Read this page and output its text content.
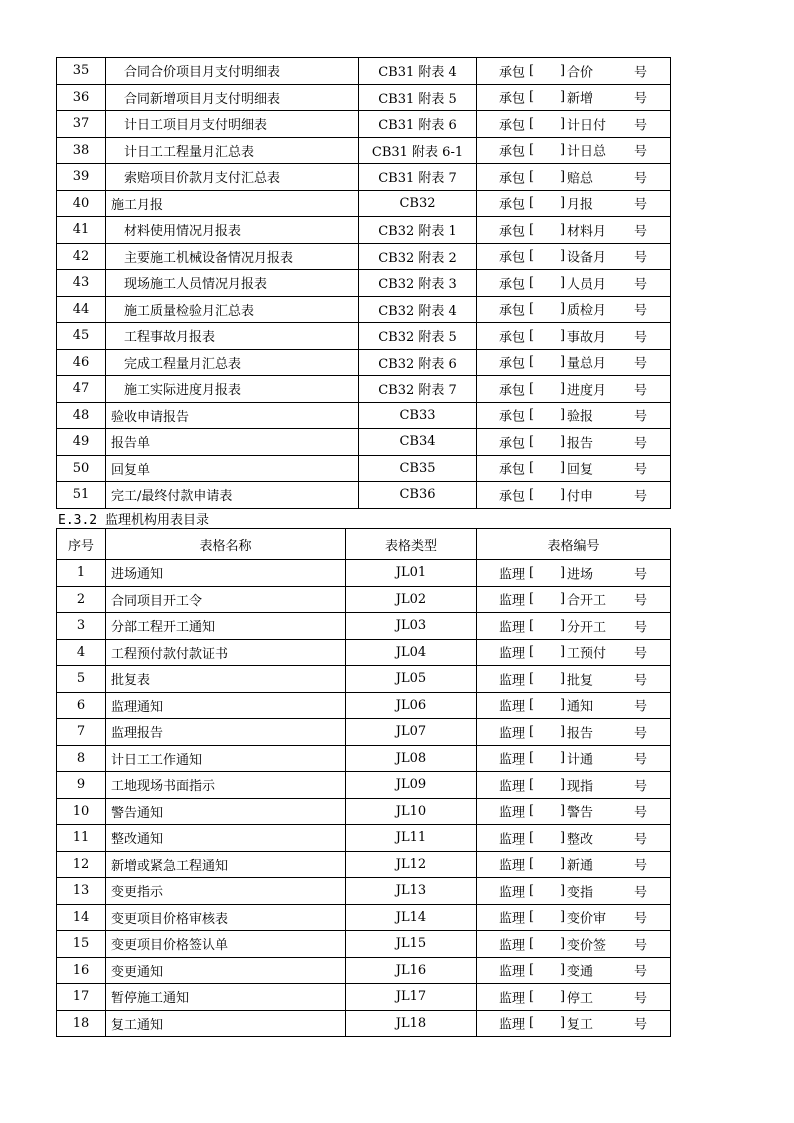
35	合同合价项目月支付明细表	CB31 附表 4	承包 [ ] 合价 号

36	合同新增项目月支付明细表	CB31 附表 5	承包 [ ] 新增 号

37	计日工项目月支付明细表	CB31 附表 6	承包 [ ] 计日付 号

38	计日工工程量月汇总表	CB31 附表 6-1	承包 [ ] 计日总 号

39	索赔项目价款月支付汇总表	CB31 附表 7	承包 [ ] 赔总 号

40	施工月报	CB32	承包 [ ] 月报 号

41	材料使用情况月报表	CB32 附表 1	承包 [ ] 材料月 号

42	主要施工机械设备情况月报表	CB32 附表 2	承包 [ ] 设备月 号

43	现场施工人员情况月报表	CB32 附表 3	承包 [ ] 人员月 号

44	施工质量检验月汇总表	CB32 附表 4	承包 [ ] 质检月 号

45	工程事故月报表	CB32 附表 5	承包 [ ] 事故月 号

46	完成工程量月汇总表	CB32 附表 6	承包 [ ] 量总月 号

47	施工实际进度月报表	CB32 附表 7	承包 [ ] 进度月 号

48	验收申请报告	CB33	承包 [ ] 验报 号

49	报告单	CB34	承包 [ ] 报告 号

50	回复单	CB35	承包 [ ] 回复 号

51	完工/最终付款申请表	CB36	承包 [ ] 付申 号
E.3.2 监理机构用表目录
序号	表格名称	表格类型	表格编号
1	进场通知	JL01	监理 [ ] 进场 号

2	合同项目开工令	JL02	监理 [ ] 合开工 号

3	分部工程开工通知	JL03	监理 [ ] 分开工 号

4	工程预付款付款证书	JL04	监理 [ ] 工预付 号

5	批复表	JL05	监理 [ ] 批复 号

6	监理通知	JL06	监理 [ ] 通知 号

7	监理报告	JL07	监理 [ ] 报告 号

8	计日工工作通知	JL08	监理 [ ] 计通 号

9	工地现场书面指示	JL09	监理 [ ] 现指 号

10	警告通知	JL10	监理 [ ] 警告 号

11	整改通知	JL11	监理 [ ] 整改 号

12	新增或紧急工程通知	JL12	监理 [ ] 新通 号

13	变更指示	JL13	监理 [ ] 变指 号

14	变更项目价格审核表	JL14	监理 [ ] 变价审 号

15	变更项目价格签认单	JL15	监理 [ ] 变价签 号

16	变更通知	JL16	监理 [ ] 变通 号

17	暂停施工通知	JL17	监理 [ ] 停工 号

18	复工通知	JL18	监理 [ ] 复工 号
